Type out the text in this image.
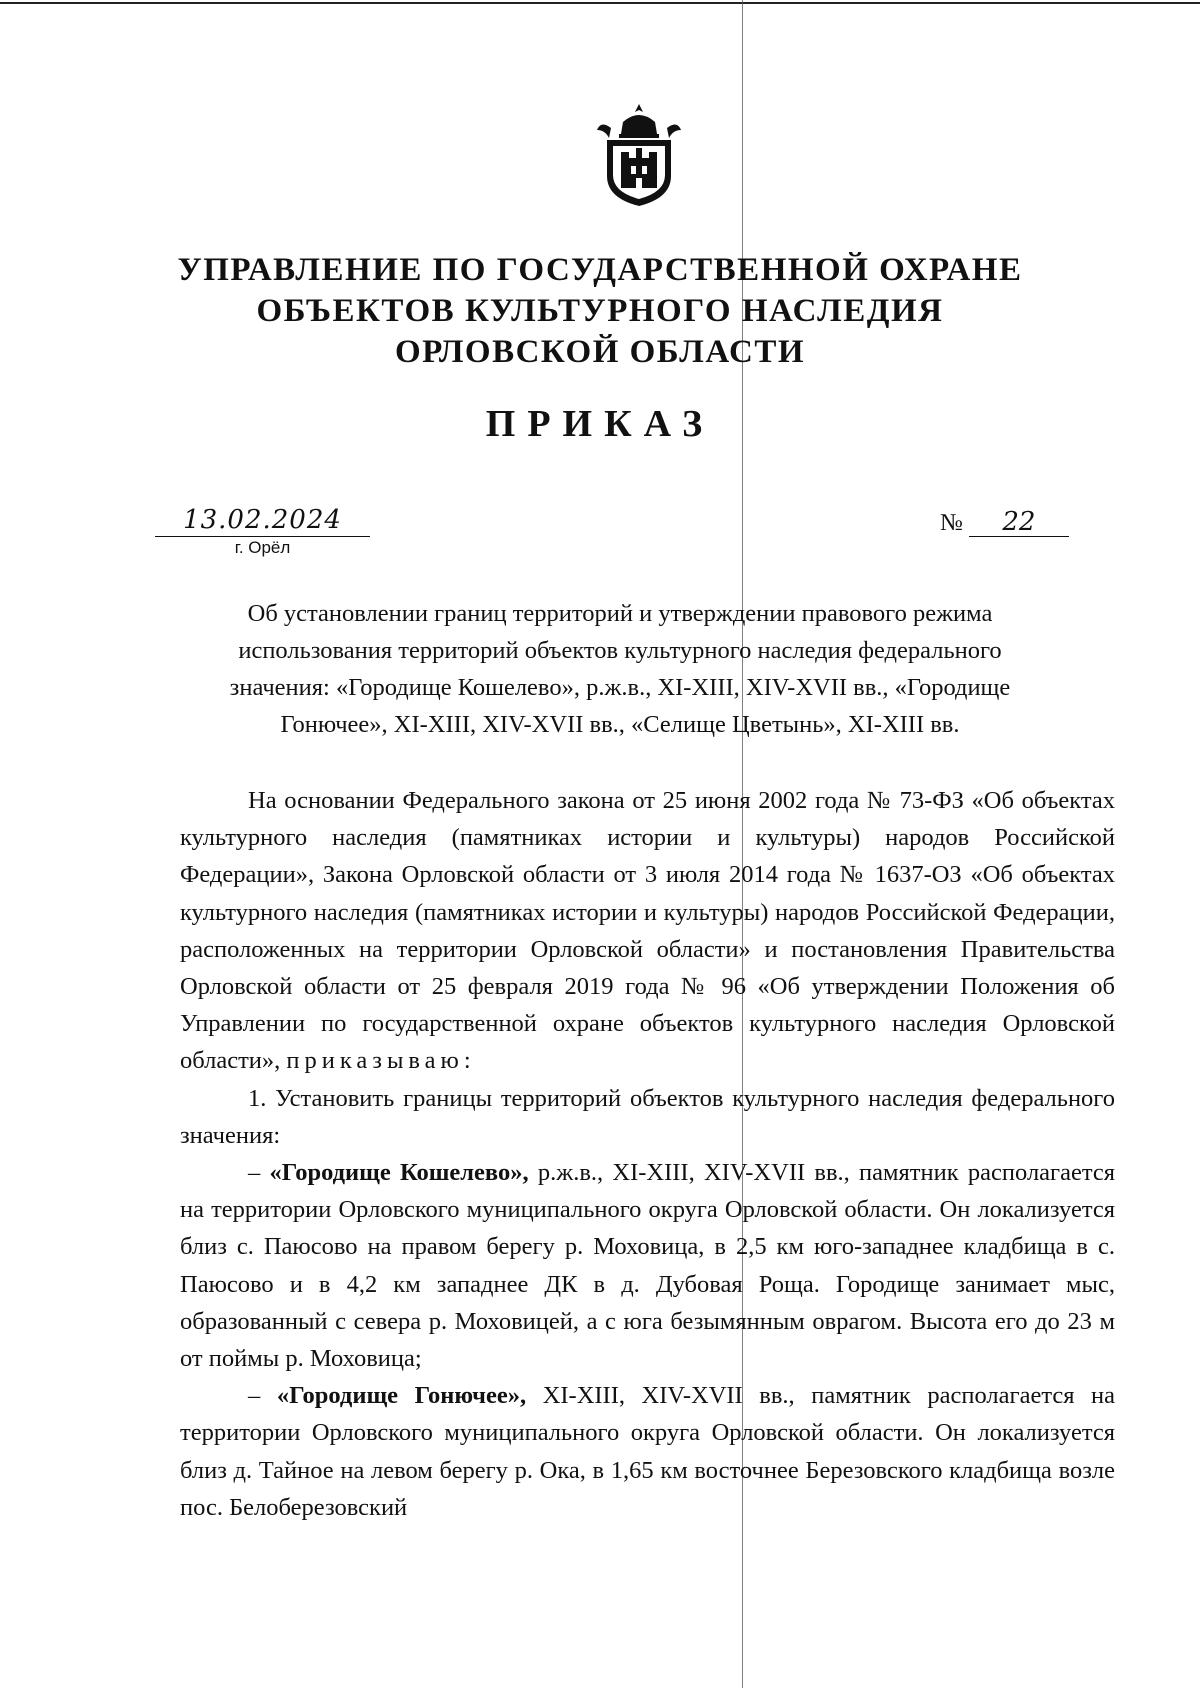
УПРАВЛЕНИЕ ПО ГОСУДАРСТВЕННОЙ ОХРАНЕ
ОБЪЕКТОВ КУЛЬТУРНОГО НАСЛЕДИЯ
ОРЛОВСКОЙ ОБЛАСТИ
ПРИКАЗ
13.02.2024
г. Орёл
№ 22

Об установлении границ территорий и утверждении правового режима
использования территорий объектов культурного наследия федерального
значения: «Городище Кошелево», р.ж.в., XI-XIII, XIV-XVII вв., «Городище
Гонючее», XI-XIII, XIV-XVII вв., «Селище Цветынь», XI-XIII вв.

На основании Федерального закона от 25 июня 2002 года № 73-ФЗ «Об объектах культурного наследия (памятниках истории и культуры) народов Российской Федерации», Закона Орловской области от 3 июля 2014 года № 1637-ОЗ «Об объектах культурного наследия (памятниках истории и культуры) народов Российской Федерации, расположенных на территории Орловской области» и постановления Правительства Орловской области от 25 февраля 2019 года № 96 «Об утверждении Положения об Управлении по государственной охране объектов культурного наследия Орловской области», приказываю:

1. Установить границы территорий объектов культурного наследия федерального значения:

– «Городище Кошелево», р.ж.в., XI-XIII, XIV-XVII вв., памятник располагается на территории Орловского муниципального округа Орловской области. Он локализуется близ с. Паюсово на правом берегу р. Моховица, в 2,5 км юго-западнее кладбища в с. Паюсово и в 4,2 км западнее ДК в д. Дубовая Роща. Городище занимает мыс, образованный с севера р. Моховицей, а с юга безымянным оврагом. Высота его до 23 м от поймы р. Моховица;

– «Городище Гонючее», XI-XIII, XIV-XVII вв., памятник располагается на территории Орловского муниципального округа Орловской области. Он локализуется близ д. Тайное на левом берегу р. Ока, в 1,65 км восточнее Березовского кладбища возле пос. Белоберезовский
